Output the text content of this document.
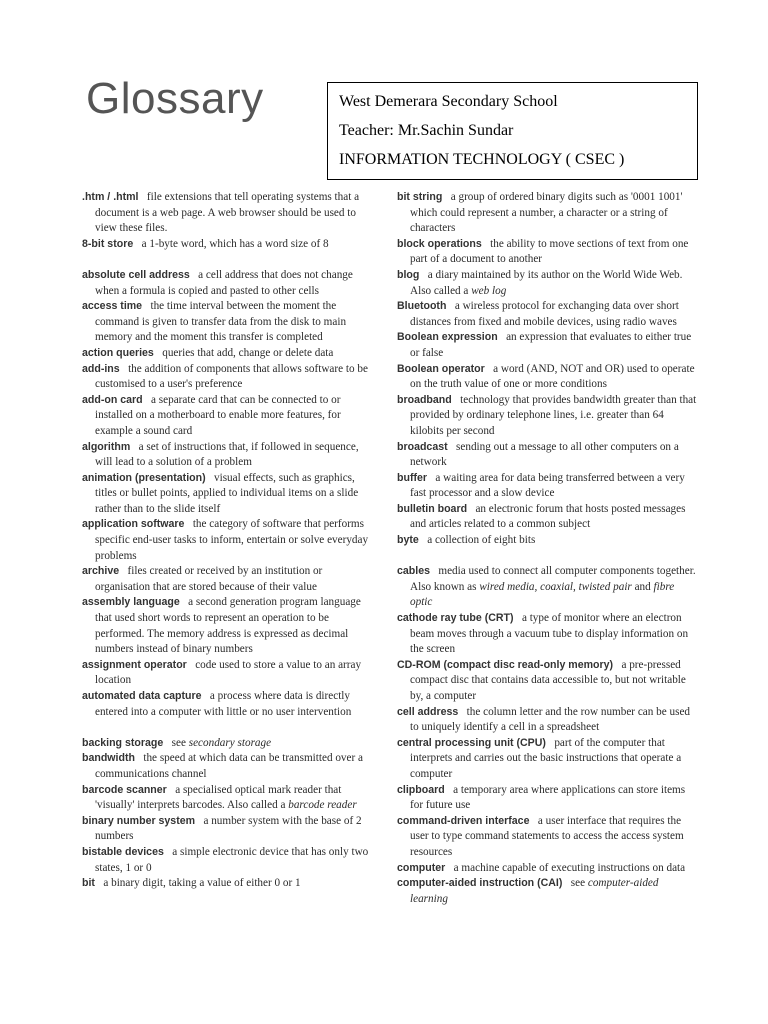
Glossary	West Demerara Secondary School
Teacher: Mr.Sachin Sundar
INFORMATION TECHNOLOGY ( CSEC )

.htm / .html file extensions that tell operating systems that a document is a web page. A web browser should be used to view these files.

8-bit store a 1-byte word, which has a word size of 8

absolute cell address a cell address that does not change when a formula is copied and pasted to other cells

access time the time interval between the moment the command is given to transfer data from the disk to main memory and the moment this transfer is completed

action queries queries that add, change or delete data

add-ins the addition of components that allows software to be customised to a user's preference

add-on card a separate card that can be connected to or installed on a motherboard to enable more features, for example a sound card

algorithm a set of instructions that, if followed in sequence, will lead to a solution of a problem

animation (presentation) visual effects, such as graphics, titles or bullet points, applied to individual items on a slide rather than to the slide itself

application software the category of software that performs specific end-user tasks to inform, entertain or solve everyday problems

archive files created or received by an institution or organisation that are stored because of their value

assembly language a second generation program language that used short words to represent an operation to be performed. The memory address is expressed as decimal numbers instead of binary numbers

assignment operator code used to store a value to an array location

automated data capture a process where data is directly entered into a computer with little or no user intervention

backing storage see secondary storage

bandwidth the speed at which data can be transmitted over a communications channel

barcode scanner a specialised optical mark reader that 'visually' interprets barcodes. Also called a barcode reader

binary number system a number system with the base of 2 numbers

bistable devices a simple electronic device that has only two states, 1 or 0

bit a binary digit, taking a value of either 0 or 1

bit string a group of ordered binary digits such as '0001 1001' which could represent a number, a character or a string of characters

block operations the ability to move sections of text from one part of a document to another

blog a diary maintained by its author on the World Wide Web. Also called a web log

Bluetooth a wireless protocol for exchanging data over short distances from fixed and mobile devices, using radio waves

Boolean expression an expression that evaluates to either true or false

Boolean operator a word (AND, NOT and OR) used to operate on the truth value of one or more conditions

broadband technology that provides bandwidth greater than that provided by ordinary telephone lines, i.e. greater than 64 kilobits per second

broadcast sending out a message to all other computers on a network

buffer a waiting area for data being transferred between a very fast processor and a slow device

bulletin board an electronic forum that hosts posted messages and articles related to a common subject

byte a collection of eight bits

cables media used to connect all computer components together. Also known as wired media, coaxial, twisted pair and fibre optic

cathode ray tube (CRT) a type of monitor where an electron beam moves through a vacuum tube to display information on the screen

CD-ROM (compact disc read-only memory) a pre-pressed compact disc that contains data accessible to, but not writable by, a computer

cell address the column letter and the row number can be used to uniquely identify a cell in a spreadsheet

central processing unit (CPU) part of the computer that interprets and carries out the basic instructions that operate a computer

clipboard a temporary area where applications can store items for future use

command-driven interface a user interface that requires the user to type command statements to access the access system resources

computer a machine capable of executing instructions on data

computer-aided instruction (CAI) see computer-aided learning
